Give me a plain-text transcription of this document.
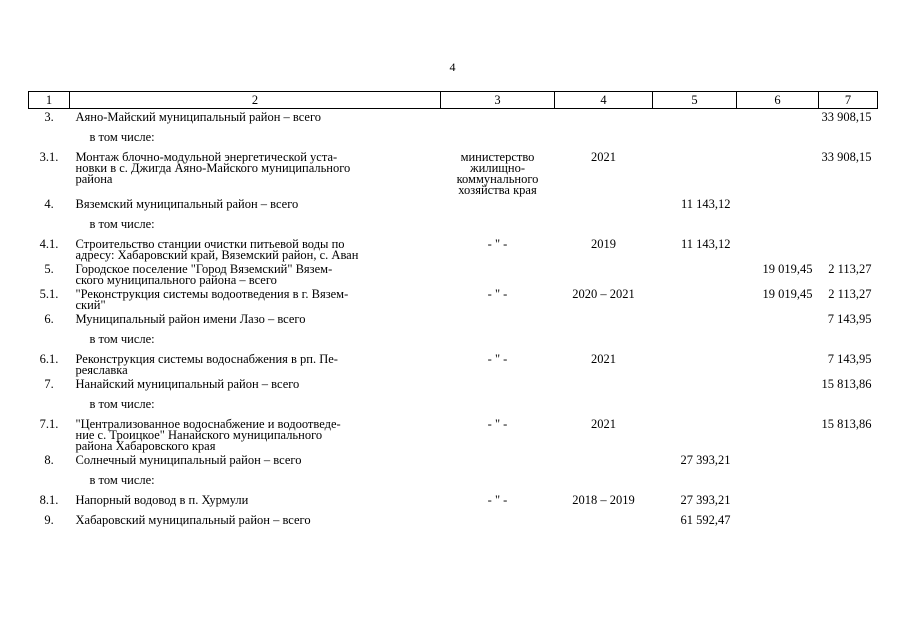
4
1	2	3	4	5	6	7
3.	Аяно-Майский муниципальный район – всего					33 908,15
	в том числе:					
3.1.	Монтаж блочно-модульной энергетической уста-
новки в с. Джигда Аяно-Майского муниципального
района	министерство
жилищно-
коммунального
хозяйства края	2021			33 908,15
4.	Вяземский муниципальный район – всего			11 143,12		
	в том числе:					
4.1.	Строительство станции очистки питьевой воды по
адресу: Хабаровский край, Вяземский район, с. Аван	- " -	2019	11 143,12		
5.	Городское поселение "Город Вяземский" Вязем-
ского муниципального района – всего				19 019,45	2 113,27
5.1.	"Реконструкция системы водоотведения в г. Вязем-
ский"	- " -	2020 – 2021		19 019,45	2 113,27
6.	Муниципальный район имени Лазо – всего					7 143,95
	в том числе:					
6.1.	Реконструкция системы водоснабжения в рп. Пе-
реяславка	- " -	2021			7 143,95
7.	Нанайский муниципальный район – всего					15 813,86
	в том числе:					
7.1.	"Централизованное водоснабжение и водоотведе-
ние с. Троицкое" Нанайского муниципального
района Хабаровского края	- " -	2021			15 813,86
8.	Солнечный муниципальный район – всего			27 393,21		
	в том числе:					
8.1.	Напорный водовод в п. Хурмули	- " -	2018 – 2019	27 393,21		
9.	Хабаровский муниципальный район – всего			61 592,47		
